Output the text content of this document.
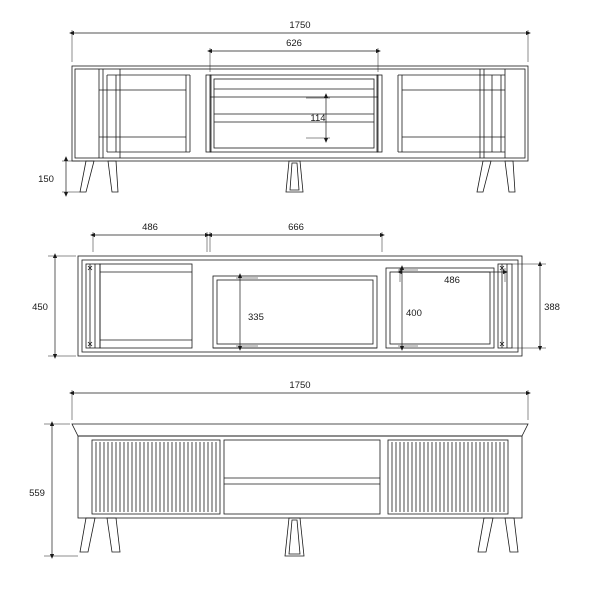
1750
626
114
150
486	666
486
450
335	400
388
1750
559
